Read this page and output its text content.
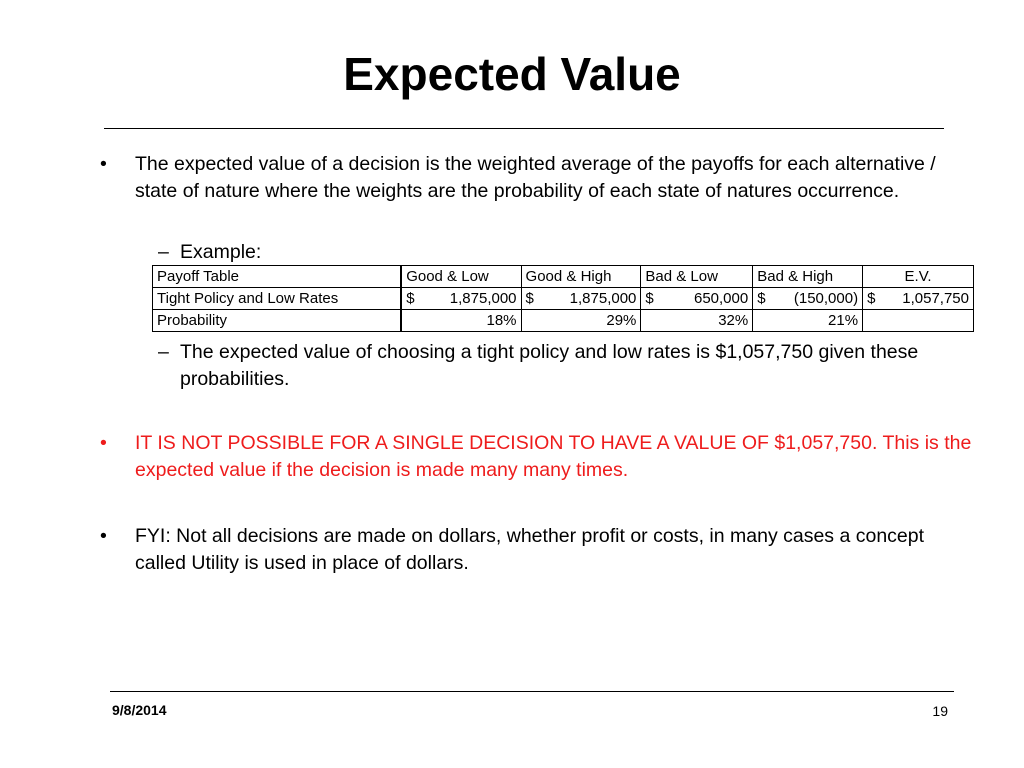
Expected Value
•	The expected value of a decision is the weighted average of the payoffs for each alternative / state of nature where the weights are the probability of each state of natures occurrence.
– Example:
Payoff Table	Good & Low	Good & High	Bad & Low	Bad & High	E.V.
Tight Policy and Low Rates	$ 1,875,000	$ 1,875,000	$ 650,000	$ (150,000)	$ 1,057,750

Probability	18%	29%	32%	21%	
– The expected value of choosing a tight policy and low rates is $1,057,750 given these probabilities.
•	IT IS NOT POSSIBLE FOR A SINGLE DECISION TO HAVE A VALUE OF $1,057,750. This is the expected value if the decision is made many many times.
•	FYI: Not all decisions are made on dollars, whether profit or costs, in many cases a concept called Utility is used in place of dollars.
9/8/2014	19
